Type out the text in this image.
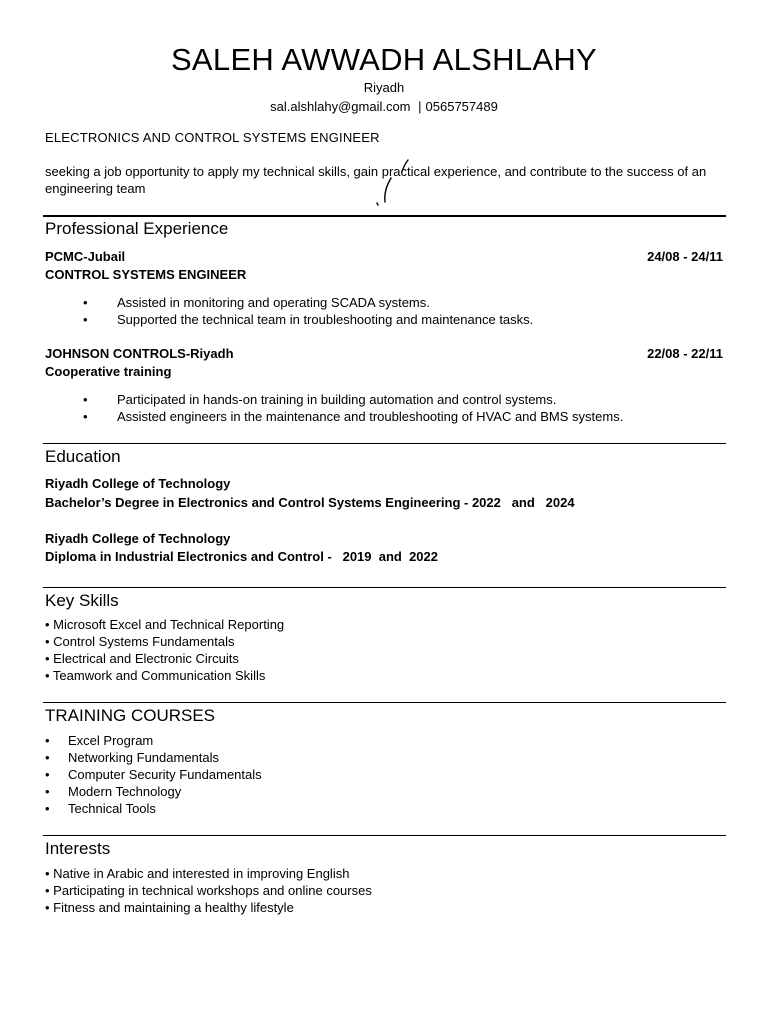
SALEH AWWADH ALSHLAHY
Riyadh
sal.alshlahy@gmail.com | 0565757489
ELECTRONICS AND CONTROL SYSTEMS ENGINEER
seeking a job opportunity to apply my technical skills, gain practical experience, and contribute to the success of an engineering team
Professional Experience
PCMC-Jubail	24/08 - 24/11
CONTROL SYSTEMS ENGINEER
• Assisted in monitoring and operating SCADA systems.
• Supported the technical team in troubleshooting and maintenance tasks.
JOHNSON CONTROLS-Riyadh	22/08 - 22/11
Cooperative training
• Participated in hands-on training in building automation and control systems.
• Assisted engineers in the maintenance and troubleshooting of HVAC and BMS systems.
Education
Riyadh College of Technology
Bachelor’s Degree in Electronics and Control Systems Engineering - 2022   and   2024
Riyadh College of Technology
Diploma in Industrial Electronics and Control -   2019  and  2022
Key Skills
• Microsoft Excel and Technical Reporting
• Control Systems Fundamentals
• Electrical and Electronic Circuits
• Teamwork and Communication Skills
TRAINING COURSES
• Excel Program
• Networking Fundamentals
• Computer Security Fundamentals
• Modern Technology
• Technical Tools
Interests
• Native in Arabic and interested in improving English
• Participating in technical workshops and online courses
• Fitness and maintaining a healthy lifestyle
